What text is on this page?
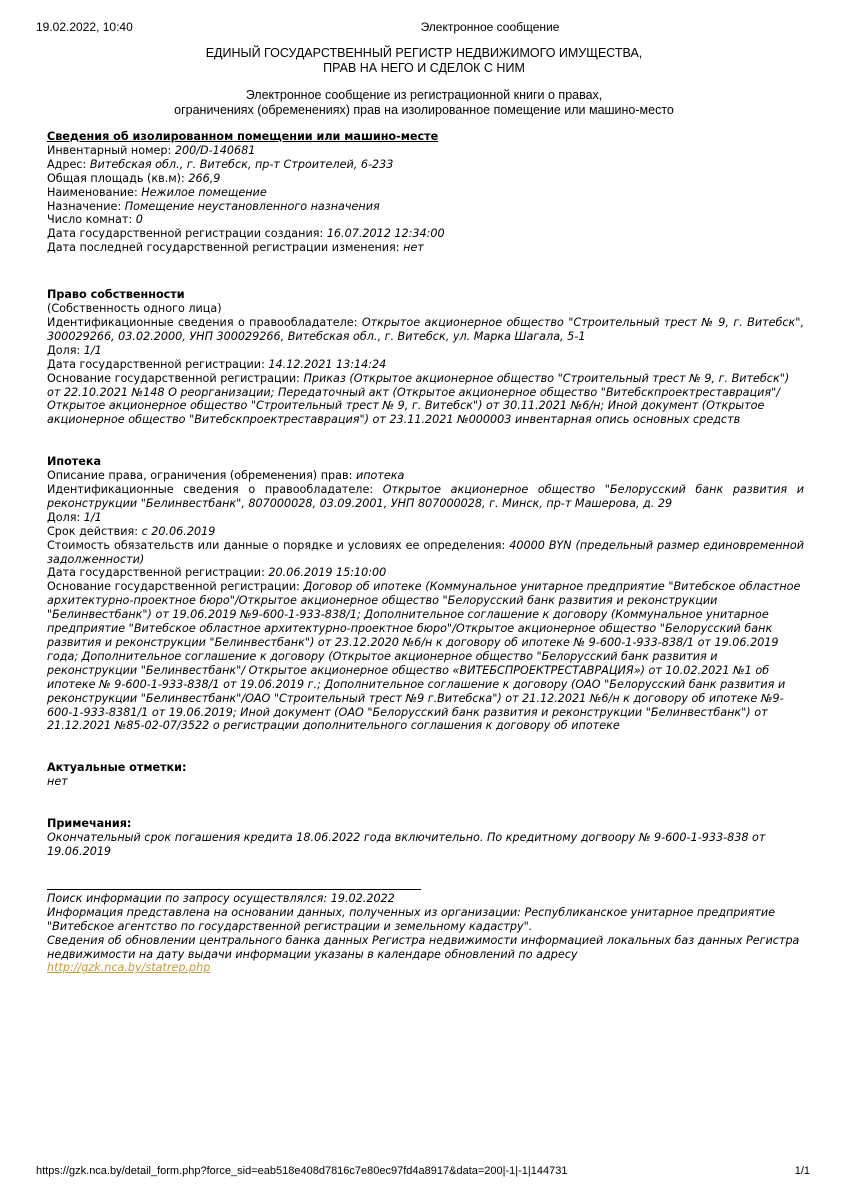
19.02.2022, 10:40	Электронное сообщение
ЕДИНЫЙ ГОСУДАРСТВЕННЫЙ РЕГИСТР НЕДВИЖИМОГО ИМУЩЕСТВА,
ПРАВ НА НЕГО И СДЕЛОК С НИМ
Электронное сообщение из регистрационной книги о правах,
ограничениях (обременениях) прав на изолированное помещение или машино-место
Сведения об изолированном помещении или машино-месте
Инвентарный номер: 200/D-140681
Адрес: Витебская обл., г. Витебск, пр-т Строителей, 6-233
Общая площадь (кв.м): 266,9
Наименование: Нежилое помещение
Назначение: Помещение неустановленного назначения
Число комнат: 0
Дата государственной регистрации создания: 16.07.2012 12:34:00
Дата последней государственной регистрации изменения: нет
Право собственности
(Собственность одного лица)
Идентификационные сведения о правообладателе: Открытое акционерное общество "Строительный трест № 9, г. Витебск", 300029266, 03.02.2000, УНП 300029266, Витебская обл., г. Витебск, ул. Марка Шагала, 5-1
Доля: 1/1
Дата государственной регистрации: 14.12.2021 13:14:24
Основание государственной регистрации: Приказ (Открытое акционерное общество "Строительный трест № 9, г. Витебск") от 22.10.2021 №148 О реорганизации; Передаточный акт (Открытое акционерное общество "Витебскпроектреставрация"/Открытое акционерное общество "Строительный трест № 9, г. Витебск") от 30.11.2021 №6/н; Иной документ (Открытое акционерное общество "Витебскпроектреставрация") от 23.11.2021 №000003 инвентарная опись основных средств
Ипотека
Описание права, ограничения (обременения) прав: ипотека
Идентификационные сведения о правообладателе: Открытое акционерное общество "Белорусский банк развития и реконструкции "Белинвестбанк", 807000028, 03.09.2001, УНП 807000028, г. Минск, пр-т Машерова, д. 29
Доля: 1/1
Срок действия: с 20.06.2019
Стоимость обязательств или данные о порядке и условиях ее определения: 40000 BYN (предельный размер единовременной задолженности)
Дата государственной регистрации: 20.06.2019 15:10:00
Основание государственной регистрации: Договор об ипотеке (Коммунальное унитарное предприятие "Витебское областное архитектурно-проектное бюро"/Открытое акционерное общество "Белорусский банк развития и реконструкции "Белинвестбанк") от 19.06.2019 №9-600-1-933-838/1; Дополнительное соглашение к договору (Коммунальное унитарное предприятие "Витебское областное архитектурно-проектное бюро"/Открытое акционерное общество "Белорусский банк развития и реконструкции "Белинвестбанк") от 23.12.2020 №6/н к договору об ипотеке № 9-600-1-933-838/1 от 19.06.2019 года; Дополнительное соглашение к договору (Открытое акционерное общество "Белорусский банк развития и реконструкции "Белинвестбанк"/ Открытое акционерное общество «ВИТЕБСПРОЕКТРЕСТАВРАЦИЯ») от 10.02.2021 №1 об ипотеке № 9-600-1-933-838/1 от 19.06.2019 г.; Дополнительное соглашение к договору (ОАО "Белорусский банк развития и реконструкции "Белинвестбанк"/ОАО "Строительный трест №9 г.Витебска") от 21.12.2021 №6/н к договору об ипотеке №9-600-1-933-8381/1 от 19.06.2019; Иной документ (ОАО "Белорусский банк развития и реконструкции "Белинвестбанк") от 21.12.2021 №85-02-07/3522 о регистрации дополнительного соглашения к договору об ипотеке
Актуальные отметки:
нет
Примечания:
Окончательный срок погашения кредита 18.06.2022 года включительно. По кредитному догвоору № 9-600-1-933-838 от 19.06.2019
Поиск информации по запросу осуществлялся: 19.02.2022
Информация представлена на основании данных, полученных из организации: Республиканское унитарное предприятие "Витебское агентство по государственной регистрации и земельному кадастру".
Сведения об обновлении центрального банка данных Регистра недвижимости информацией локальных баз данных Регистра недвижимости на дату выдачи информации указаны в календаре обновлений по адресу
http://gzk.nca.by/statrep.php
https://gzk.nca.by/detail_form.php?force_sid=eab518e408d7816c7e80ec97fd4a8917&data=200|-1|-1|144731	1/1
